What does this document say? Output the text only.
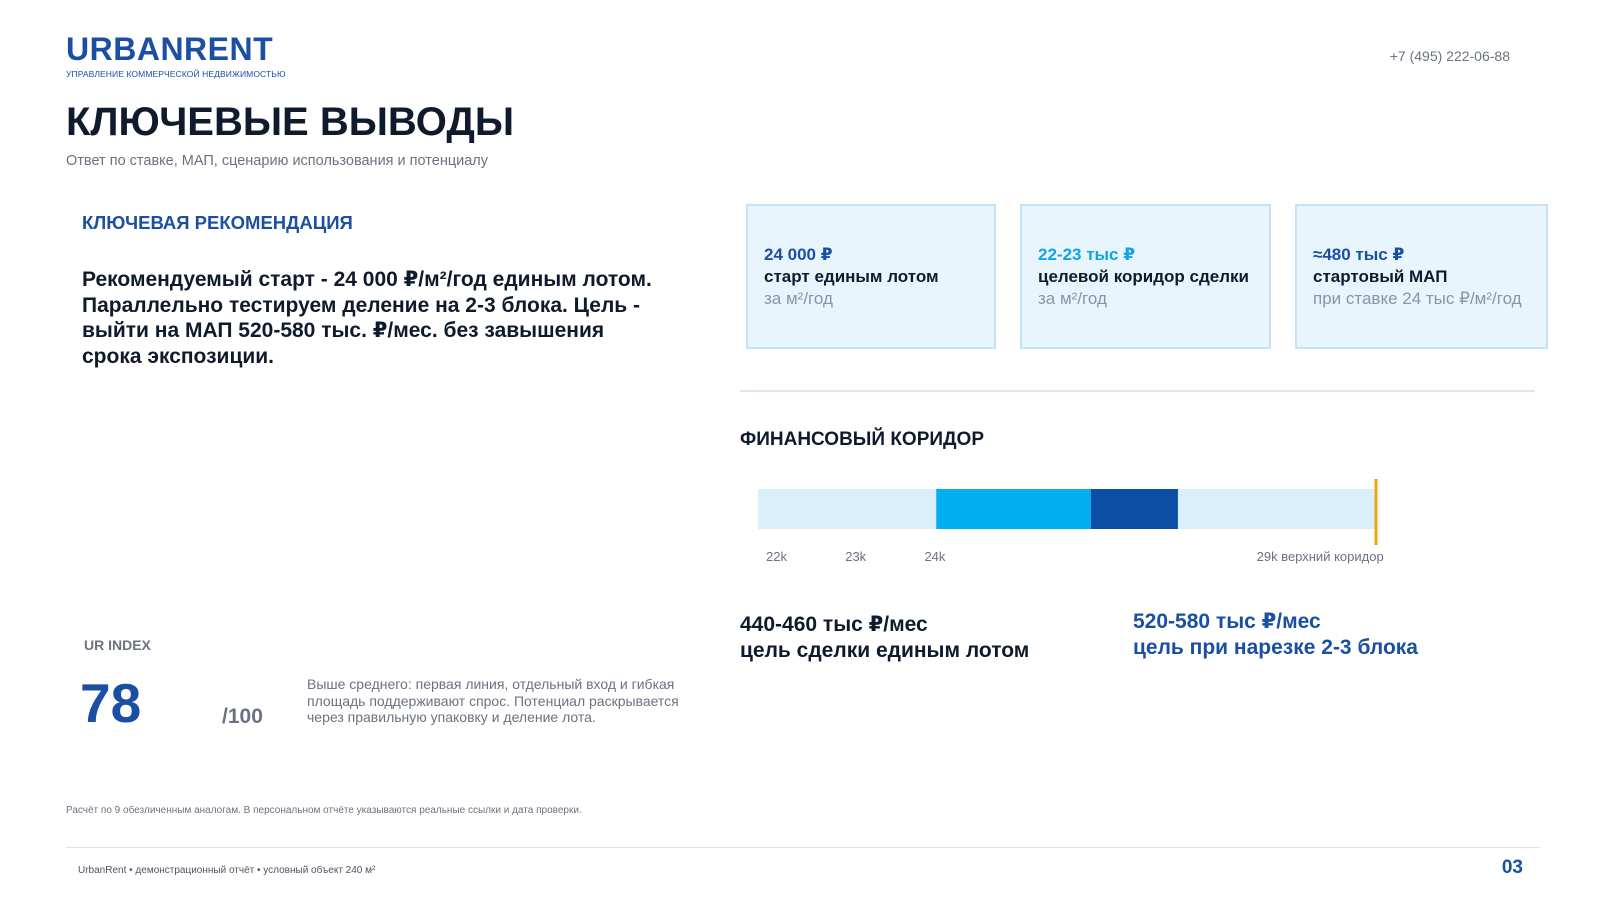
URBANRENT
УПРАВЛЕНИЕ КОММЕРЧЕСКОЙ НЕДВИЖИМОСТЬЮ
+7 (495) 222-06-88
КЛЮЧЕВЫЕ ВЫВОДЫ
Ответ по ставке, МАП, сценарию использования и потенциалу
КЛЮЧЕВАЯ РЕКОМЕНДАЦИЯ
Рекомендуемый старт - 24 000 ₽/м²/год единым лотом. Параллельно тестируем деление на 2-3 блока. Цель - выйти на МАП 520-580 тыс. ₽/мес. без завышения срока экспозиции.
24 000 ₽
старт единым лотом
за м²/год
22-23 тыс ₽
целевой коридор сделки
за м²/год
≈480 тыс ₽
стартовый МАП
при ставке 24 тыс ₽/м²/год
ФИНАНСОВЫЙ КОРИДОР
22k	23k	24k	29k верхний коридор
440-460 тыс ₽/мес
цель сделки единым лотом
520-580 тыс ₽/мес
цель при нарезке 2-3 блока
UR INDEX
78	/100
Выше среднего: первая линия, отдельный вход и гибкая площадь поддерживают спрос. Потенциал раскрывается через правильную упаковку и деление лота.
Расчёт по 9 обезличенным аналогам. В персональном отчёте указываются реальные ссылки и дата проверки.
UrbanRent • демонстрационный отчёт • условный объект 240 м²	03
